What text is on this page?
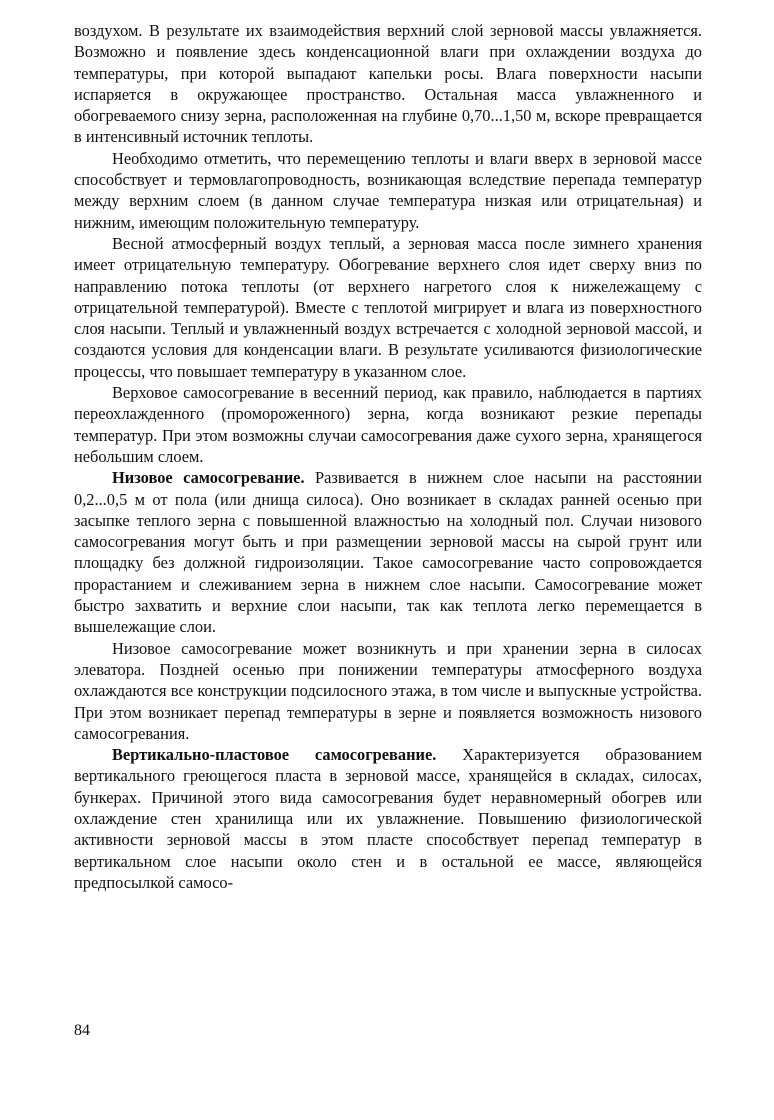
воздухом. В результате их взаимодействия верхний слой зерновой массы увлажняется. Возможно и появление здесь конденсационной влаги при охлаждении воздуха до температуры, при которой выпадают капельки росы. Влага поверхности насыпи испаряется в окружающее пространство. Остальная масса увлажненного и обогреваемого снизу зерна, расположенная на глубине 0,70...1,50 м, вскоре превращается в интенсивный источник теплоты.

Необходимо отметить, что перемещению теплоты и влаги вверх в зерновой массе способствует и термовлагопроводность, возникающая вследствие перепада температур между верхним слоем (в данном случае температура низкая или отрицательная) и нижним, имеющим положительную температуру.

Весной атмосферный воздух теплый, а зерновая масса после зимнего хранения имеет отрицательную температуру. Обогревание верхнего слоя идет сверху вниз по направлению потока теплоты (от верхнего нагретого слоя к нижележащему с отрицательной температурой). Вместе с теплотой мигрирует и влага из поверхностного слоя насыпи. Теплый и увлажненный воздух встречается с холодной зерновой массой, и создаются условия для конденсации влаги. В результате усиливаются физиологические процессы, что повышает температуру в указанном слое.

Верховое самосогревание в весенний период, как правило, наблюдается в партиях переохлажденного (промороженного) зерна, когда возникают резкие перепады температур. При этом возможны случаи самосогревания даже сухого зерна, хранящегося небольшим слоем.

Низовое самосогревание. Развивается в нижнем слое насыпи на расстоянии 0,2...0,5 м от пола (или днища силоса). Оно возникает в складах ранней осенью при засыпке теплого зерна с повышенной влажностью на холодный пол. Случаи низового самосогревания могут быть и при размещении зерновой массы на сырой грунт или площадку без должной гидроизоляции. Такое самосогревание часто сопровождается прорастанием и слеживанием зерна в нижнем слое насыпи. Самосогревание может быстро захватить и верхние слои насыпи, так как теплота легко перемещается в вышележащие слои.

Низовое самосогревание может возникнуть и при хранении зерна в силосах элеватора. Поздней осенью при понижении температуры атмосферного воздуха охлаждаются все конструкции подсилосного этажа, в том числе и выпускные устройства. При этом возникает перепад температуры в зерне и появляется возможность низового самосогревания.

Вертикально-пластовое самосогревание. Характеризуется образованием вертикального греющегося пласта в зерновой массе, хранящейся в складах, силосах, бункерах. Причиной этого вида самосогревания будет неравномерный обогрев или охлаждение стен хранилища или их увлажнение. Повышению физиологической активности зерновой массы в этом пласте способствует перепад температур в вертикальном слое насыпи около стен и в остальной ее массе, являющейся предпосылкой самосо-

84
